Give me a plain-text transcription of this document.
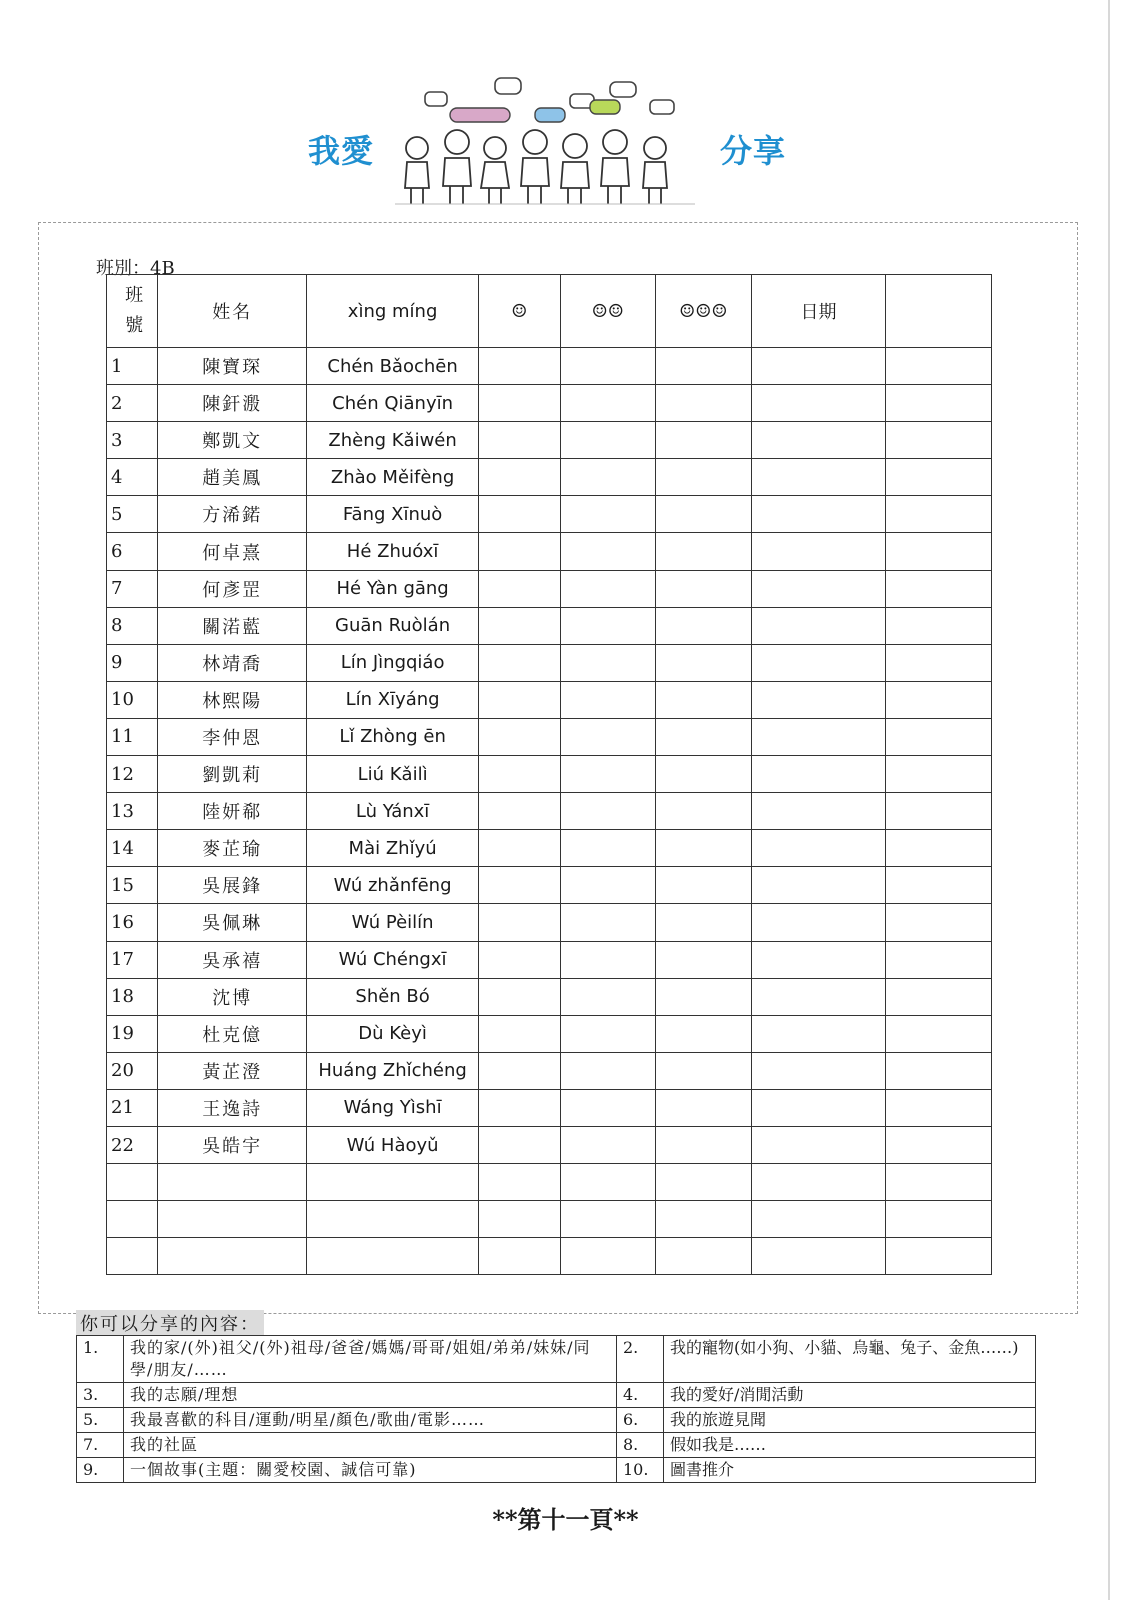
我愛	分享
班別：4B
班號	姓名	xìng míng	☺	☺☺	☺☺☺	日期	
1	陳寶琛	Chén Bǎochēn					
2	陳釬溵	Chén Qiānyīn					
3	鄭凱文	Zhèng Kǎiwén					
4	趙美鳳	Zhào Měifèng					
5	方浠鍩	Fāng Xīnuò					
6	何卓熹	Hé Zhuóxī					
7	何彥罡	Hé Yàn gāng					
8	關渃藍	Guān Ruòlán					
9	林靖喬	Lín Jìngqiáo					
10	林熙陽	Lín Xīyáng					
11	李仲恩	Lǐ Zhòng ēn					
12	劉凱莉	Liú Kǎilì					
13	陸妍郗	Lù Yánxī					
14	麥芷瑜	Mài Zhǐyú					
15	吳展鋒	Wú zhǎnfēng					
16	吳佩琳	Wú Pèilín					
17	吳承禧	Wú Chéngxī					
18	沈博	Shěn Bó					
19	杜克億	Dù Kèyì					
20	黃芷澄	Huáng Zhǐchéng					
21	王逸詩	Wáng Yìshī					
22	吳皓宇	Wú Hàoyǔ					

你可以分享的內容：
1.	我的家/(外)祖父/(外)祖母/爸爸/媽媽/哥哥/姐姐/弟弟/妹妹/同學/朋友/……	2.	我的寵物(如小狗、小貓、烏龜、兔子、金魚……)
3.	我的志願/理想	4.	我的愛好/消閒活動
5.	我最喜歡的科目/運動/明星/顏色/歌曲/電影……	6.	我的旅遊見聞
7.	我的社區	8.	假如我是……
9.	一個故事(主題：關愛校園、誠信可靠)	10.	圖書推介
**第十一頁**
